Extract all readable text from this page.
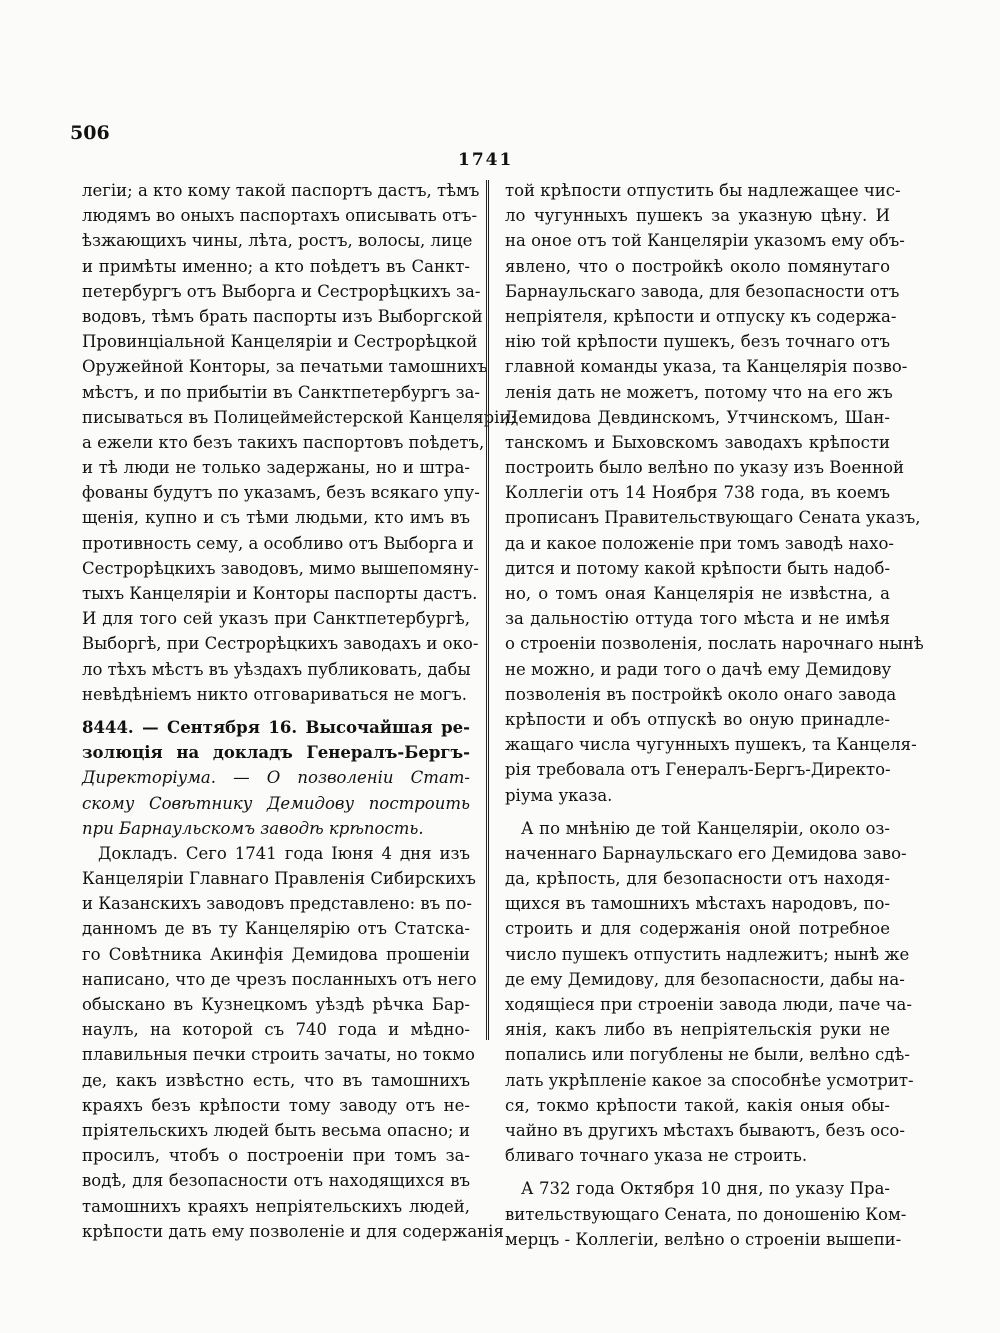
506
1741
легіи; а кто кому такой паспортъ дастъ, тѣмъ
людямъ во оныхъ паспортахъ описывать отъ-
ѣзжающихъ чины, лѣта, ростъ, волосы, лице
и примѣты именно; а кто поѣдетъ въ Санкт-
петербургъ отъ Выборга и Сестрорѣцкихъ за-
водовъ, тѣмъ брать паспорты изъ Выборгской
Провинціальной Канцеляріи и Сестрорѣцкой
Оружейной Конторы, за печатьми тамошнихъ
мѣстъ, и по прибытіи въ Санктпетербургъ за-
писываться въ Полицеймейстерской Канцеляріи;
а ежели кто безъ такихъ паспортовъ поѣдетъ,
и тѣ люди не только задержаны, но и штра-
фованы будутъ по указамъ, безъ всякаго упу-
щенія, купно и съ тѣми людьми, кто имъ въ
противность сему, а особливо отъ Выборга и
Сестрорѣцкихъ заводовъ, мимо вышепомяну-
тыхъ Канцеляріи и Конторы паспорты дастъ.
И для того сей указъ при Санктпетербургѣ,
Выборгѣ, при Сестрорѣцкихъ заводахъ и око-
ло тѣхъ мѣстъ въ уѣздахъ публиковать, дабы
невѣдѣніемъ никто отговариваться не могъ.
8444. — Сентября 16. Высочайшая ре-
золюція на докладъ Генералъ-Бергъ-
Директоріума. — О позволеніи Стат-
скому Совѣтнику Демидову построить
при Барнаульскомъ заводѣ крѣпость.
Докладъ. Сего 1741 года Іюня 4 дня изъ
Канцеляріи Главнаго Правленія Сибирскихъ
и Казанскихъ заводовъ представлено: въ по-
данномъ де въ ту Канцелярію отъ Статска-
го Совѣтника Акинфія Демидова прошеніи
написано, что де чрезъ посланныхъ отъ него
обыскано въ Кузнецкомъ уѣздѣ рѣчка Бар-
наулъ, на которой съ 740 года и мѣдно-
плавильныя печки строить зачаты, но токмо
де, какъ извѣстно есть, что въ тамошнихъ
краяхъ безъ крѣпости тому заводу отъ не-
пріятельскихъ людей быть весьма опасно; и
просилъ, чтобъ о построеніи при томъ за-
водѣ, для безопасности отъ находящихся въ
тамошнихъ краяхъ непріятельскихъ людей,
крѣпости дать ему позволеніе и для содержанія
той крѣпости отпустить бы надлежащее чис-
ло чугунныхъ пушекъ за указную цѣну. И
на оное отъ той Канцеляріи указомъ ему объ-
явлено, что о постройкѣ около помянутаго
Барнаульскаго завода, для безопасности отъ
непріятеля, крѣпости и отпуску къ содержа-
нію той крѣпости пушекъ, безъ точнаго отъ
главной команды указа, та Канцелярія позво-
ленія дать не можетъ, потому что на его жъ
Демидова Девдинскомъ, Утчинскомъ, Шан-
танскомъ и Быховскомъ заводахъ крѣпости
построить было велѣно по указу изъ Военной
Коллегіи отъ 14 Ноября 738 года, въ коемъ
прописанъ Правительствующаго Сената указъ,
да и какое положеніе при томъ заводѣ нахо-
дится и потому какой крѣпости быть надоб-
но, о томъ оная Канцелярія не извѣстна, а
за дальностію оттуда того мѣста и не имѣя
о строеніи позволенія, послать нарочнаго нынѣ
не можно, и ради того о дачѣ ему Демидову
позволенія въ постройкѣ около онаго завода
крѣпости и объ отпускѣ во оную принадле-
жащаго числа чугунныхъ пушекъ, та Канцеля-
рія требовала отъ Генералъ-Бергъ-Директо-
ріума указа.
А по мнѣнію де той Канцеляріи, около оз-
наченнаго Барнаульскаго его Демидова заво-
да, крѣпость, для безопасности отъ находя-
щихся въ тамошнихъ мѣстахъ народовъ, по-
строить и для содержанія оной потребное
число пушекъ отпустить надлежитъ; нынѣ же
де ему Демидову, для безопасности, дабы на-
ходящіеся при строеніи завода люди, паче ча-
янія, какъ либо въ непріятельскія руки не
попались или погублены не были, велѣно сдѣ-
лать укрѣпленіе какое за способнѣе усмотрит-
ся, токмо крѣпости такой, какія оныя обы-
чайно въ другихъ мѣстахъ бываютъ, безъ осо-
бливаго точнаго указа не строить.
А 732 года Октября 10 дня, по указу Пра-
вительствующаго Сената, по доношенію Ком-
мерцъ - Коллегіи, велѣно о строеніи вышепи-
